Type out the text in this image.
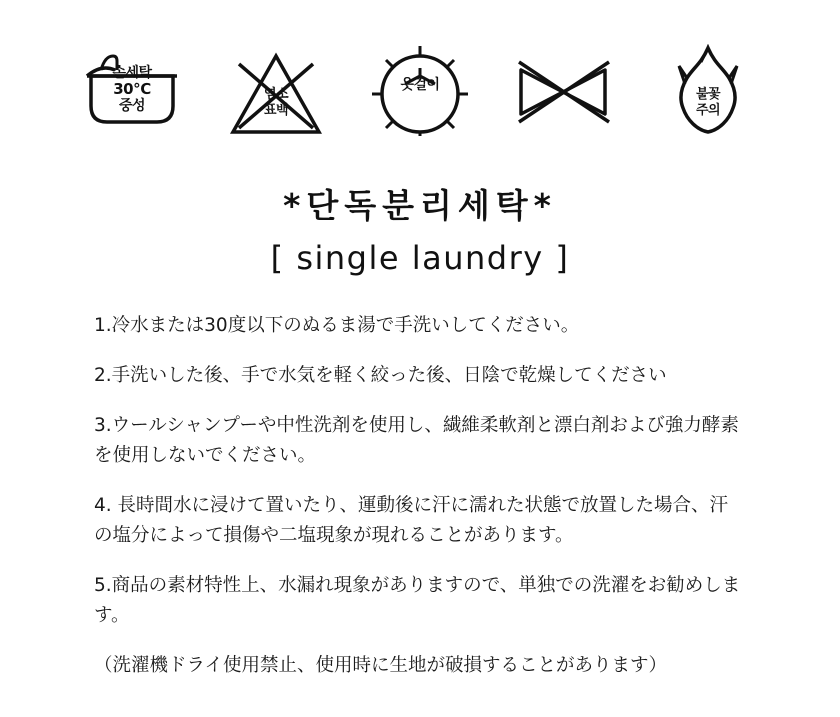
손세탁
30℃
중성
염소
표백
옷걸이
불꽃
주의
*단독분리세탁*
[ single laundry ]

1.冷水または30度以下のぬるま湯で手洗いしてください。

2.手洗いした後、手で水気を軽く絞った後、日陰で乾燥してください

3.ウールシャンプーや中性洗剤を使用し、繊維柔軟剤と漂白剤および強力酵素を使用しないでください。

4. 長時間水に浸けて置いたり、運動後に汗に濡れた状態で放置した場合、汗の塩分によって損傷や二塩現象が現れることがあります。

5.商品の素材特性上、水漏れ現象がありますので、単独での洗濯をお勧めします。

（洗濯機ドライ使用禁止、使用時に生地が破損することがあります）
